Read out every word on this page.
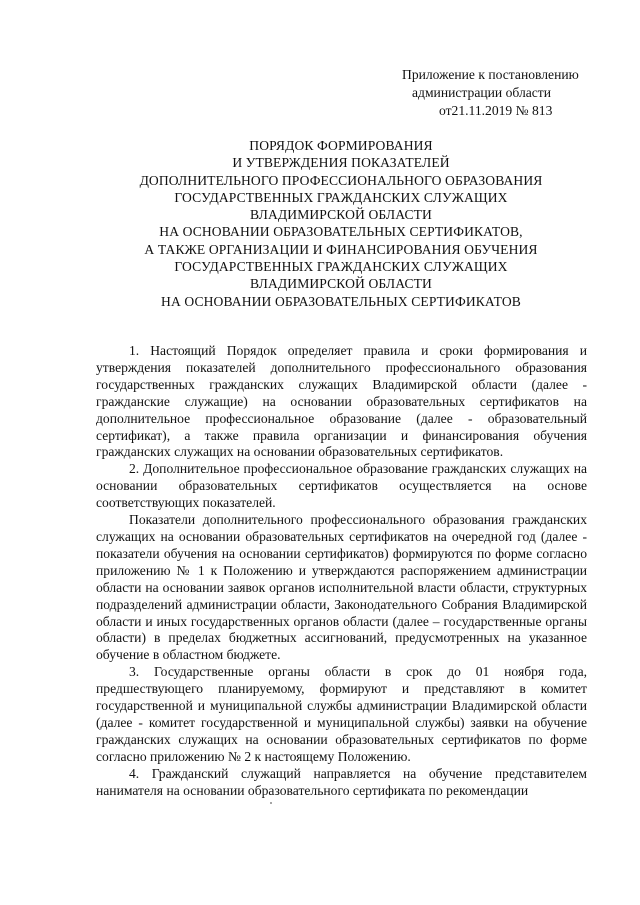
Приложение к постановлению
администрации области
от21.11.2019 № 813
ПОРЯДОК ФОРМИРОВАНИЯ
И УТВЕРЖДЕНИЯ ПОКАЗАТЕЛЕЙ
ДОПОЛНИТЕЛЬНОГО ПРОФЕССИОНАЛЬНОГО ОБРАЗОВАНИЯ
ГОСУДАРСТВЕННЫХ ГРАЖДАНСКИХ СЛУЖАЩИХ
ВЛАДИМИРСКОЙ ОБЛАСТИ
НА ОСНОВАНИИ ОБРАЗОВАТЕЛЬНЫХ СЕРТИФИКАТОВ,
А ТАКЖЕ ОРГАНИЗАЦИИ И ФИНАНСИРОВАНИЯ ОБУЧЕНИЯ
ГОСУДАРСТВЕННЫХ ГРАЖДАНСКИХ СЛУЖАЩИХ
ВЛАДИМИРСКОЙ ОБЛАСТИ
НА ОСНОВАНИИ ОБРАЗОВАТЕЛЬНЫХ СЕРТИФИКАТОВ

1. Настоящий Порядок определяет правила и сроки формирования и утверждения показателей дополнительного профессионального образования государственных гражданских служащих Владимирской области (далее - гражданские служащие) на основании образовательных сертификатов на дополнительное профессиональное образование (далее - образовательный сертификат), а также правила организации и финансирования обучения гражданских служащих на основании образовательных сертификатов.

2. Дополнительное профессиональное образование гражданских служащих на основании образовательных сертификатов осуществляется на основе соответствующих показателей.

Показатели дополнительного профессионального образования гражданских служащих на основании образовательных сертификатов на очередной год (далее - показатели обучения на основании сертификатов) формируются по форме согласно приложению № 1 к Положению и утверждаются распоряжением администрации области на основании заявок органов исполнительной власти области, структурных подразделений администрации области, Законодательного Собрания Владимирской области и иных государственных органов области (далее – государственные органы области) в пределах бюджетных ассигнований, предусмотренных на указанное обучение в областном бюджете.

3. Государственные органы области в срок до 01 ноября года, предшествующего планируемому, формируют и представляют в комитет государственной и муниципальной службы администрации Владимирской области (далее - комитет государственной и муниципальной службы) заявки на обучение гражданских служащих на основании образовательных сертификатов по форме согласно приложению № 2 к настоящему Положению.

4. Гражданский служащий направляется на обучение представителем нанимателя на основании образовательного сертификата по рекомендации
